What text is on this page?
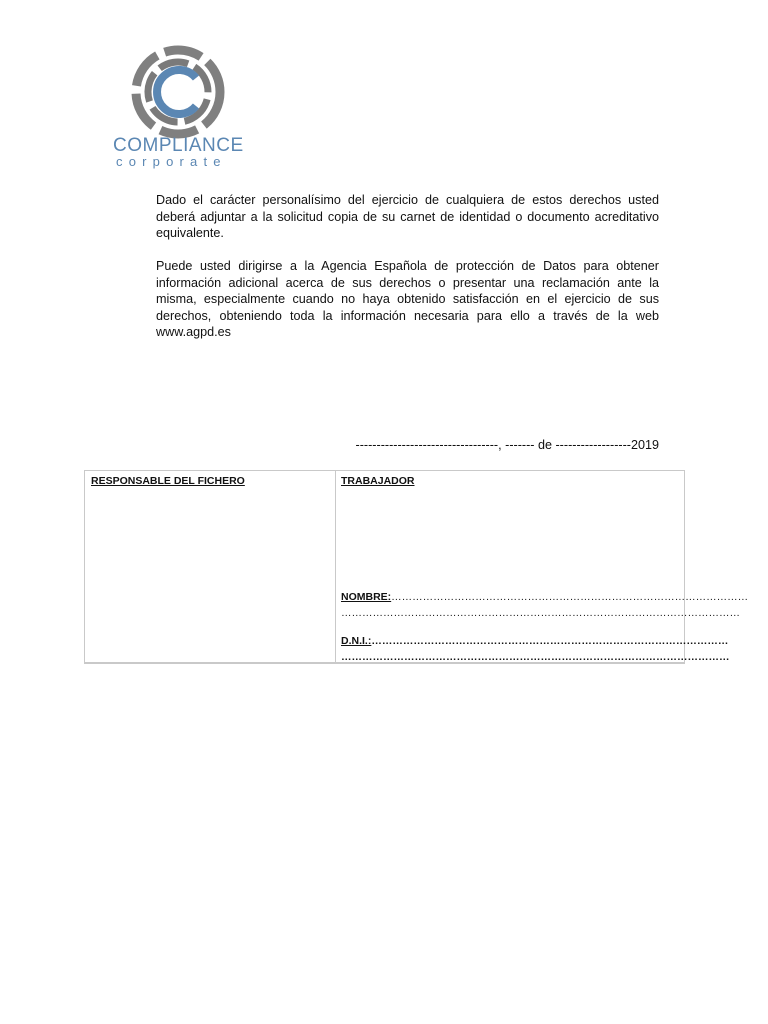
COMPLIANCE
corporate

Dado el carácter personalísimo del ejercicio de cualquiera de estos derechos usted deberá adjuntar a la solicitud copia de su carnet de identidad o documento acreditativo equivalente.

Puede usted dirigirse a la Agencia Española de protección de Datos para obtener información adicional acerca de sus derechos o presentar una reclamación ante la misma, especialmente cuando no haya obtenido satisfacción en el ejercicio de sus derechos, obteniendo toda la información necesaria para ello a través de la web www.agpd.es

----------------------------------, ------- de ------------------2019
RESPONSABLE DEL FICHERO	TRABAJADOR
NOMBRE:…………………………………………………………………………………………
……………………………………………………………………………………………………
D.N.I.:…………………………………………………………………………………………
…………………………………………………………………………………………………
